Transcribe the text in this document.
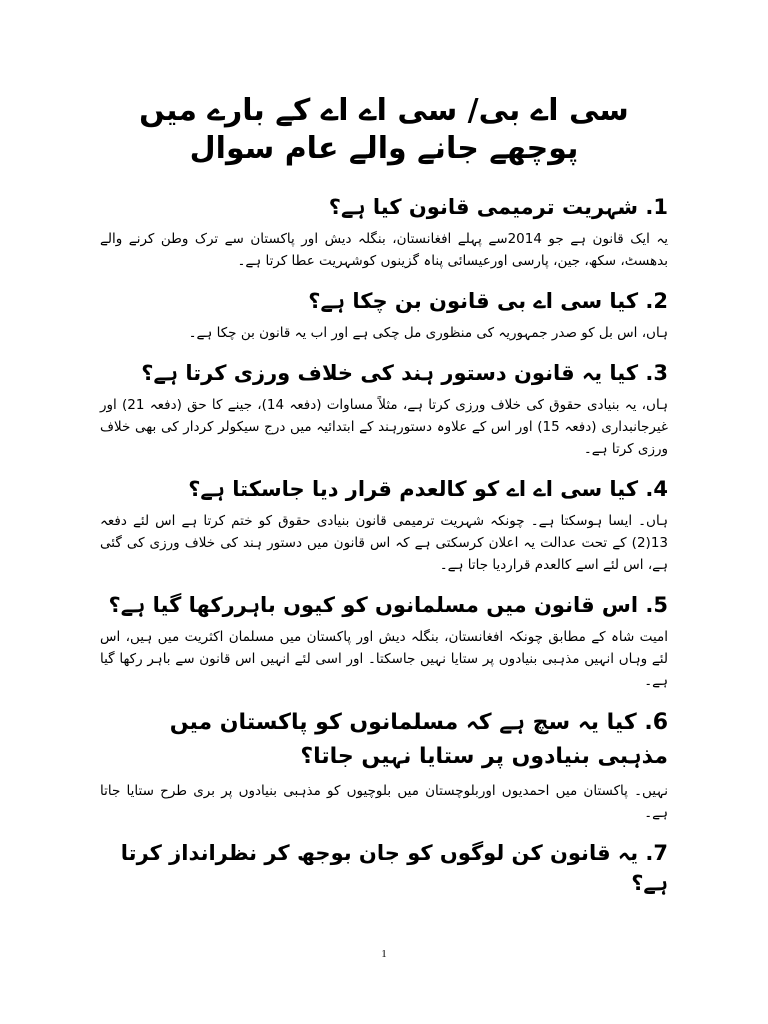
سی اے بی/ سی اے اے کے بارے میں پوچھے جانے والے عام سوال
1. شہریت ترمیمی قانون کیا ہے؟

یہ ایک قانون ہے جو 2014سے پہلے افغانستان، بنگلہ دیش اور پاکستان سے ترک وطن کرنے والے بدھسٹ، سکھ، جین، پارسی اورعیسائی پناہ گزینوں کوشہریت عطا کرتا ہے۔

2. کیا سی اے بی قانون بن چکا ہے؟

ہاں، اس بل کو صدر جمہوریہ کی منظوری مل چکی ہے اور اب یہ قانون بن چکا ہے۔

3. کیا یہ قانون دستور ہند کی خلاف ورزی کرتا ہے؟

ہاں، یہ بنیادی حقوق کی خلاف ورزی کرتا ہے، مثلاً مساوات (دفعہ 14)، جینے کا حق (دفعہ 21) اور غیرجانبداری (دفعہ 15) اور اس کے علاوہ دستورہند کے ابتدائیہ میں درج سیکولر کردار کی بھی خلاف ورزی کرتا ہے۔

4. کیا سی اے اے کو کالعدم قرار دیا جاسکتا ہے؟

ہاں۔ ایسا ہوسکتا ہے۔ چونکہ شہریت ترمیمی قانون بنیادی حقوق کو ختم کرتا ہے اس لئے دفعہ 13(2) کے تحت عدالت یہ اعلان کرسکتی ہے کہ اس قانون میں دستور ہند کی خلاف ورزی کی گئی ہے، اس لئے اسے کالعدم قراردیا جاتا ہے۔

5. اس قانون میں مسلمانوں کو کیوں باہررکھا گیا ہے؟

امیت شاہ کے مطابق چونکہ افغانستان، بنگلہ دیش اور پاکستان میں مسلمان اکثریت میں ہیں، اس لئے وہاں انہیں مذہبی بنیادوں پر ستایا نہیں جاسکتا۔ اور اسی لئے انہیں اس قانون سے باہر رکھا گیا ہے۔

6. کیا یہ سچ ہے کہ مسلمانوں کو پاکستان میں مذہبی بنیادوں پر ستایا نہیں جاتا؟

نہیں۔ پاکستان میں احمدیوں اوربلوچستان میں بلوچیوں کو مذہبی بنیادوں پر بری طرح ستایا جاتا ہے۔

7. یہ قانون کن لوگوں کو جان بوجھ کر نظرانداز کرتا ہے؟

1
